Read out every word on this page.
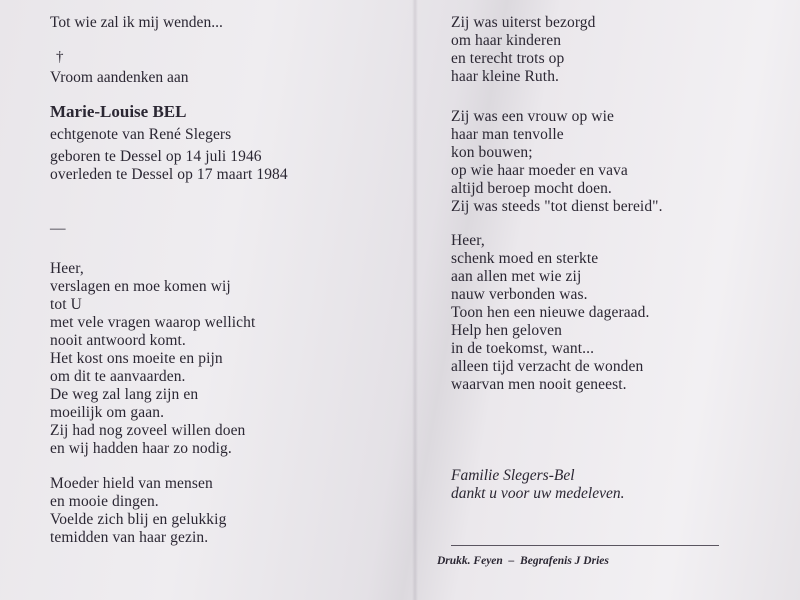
Tot wie zal ik mij wenden...
†
Vroom aandenken aan
Marie-Louise BEL
echtgenote van René Slegers
geboren te Dessel op 14 juli 1946
overleden te Dessel op 17 maart 1984
—
Heer,
verslagen en moe komen wij
tot U
met vele vragen waarop wellicht
nooit antwoord komt.
Het kost ons moeite en pijn
om dit te aanvaarden.
De weg zal lang zijn en
moeilijk om gaan.
Zij had nog zoveel willen doen
en wij hadden haar zo nodig.
Moeder hield van mensen
en mooie dingen.
Voelde zich blij en gelukkig
temidden van haar gezin.
Zij was uiterst bezorgd
om haar kinderen
en terecht trots op
haar kleine Ruth.
Zij was een vrouw op wie
haar man tenvolle
kon bouwen;
op wie haar moeder en vava
altijd beroep mocht doen.
Zij was steeds "tot dienst bereid".
Heer,
schenk moed en sterkte
aan allen met wie zij
nauw verbonden was.
Toon hen een nieuwe dageraad.
Help hen geloven
in de toekomst, want...
alleen tijd verzacht de wonden
waarvan men nooit geneest.
Familie Slegers-Bel
dankt u voor uw medeleven.
Drukk. Feyen  –  Begrafenis J Dries
